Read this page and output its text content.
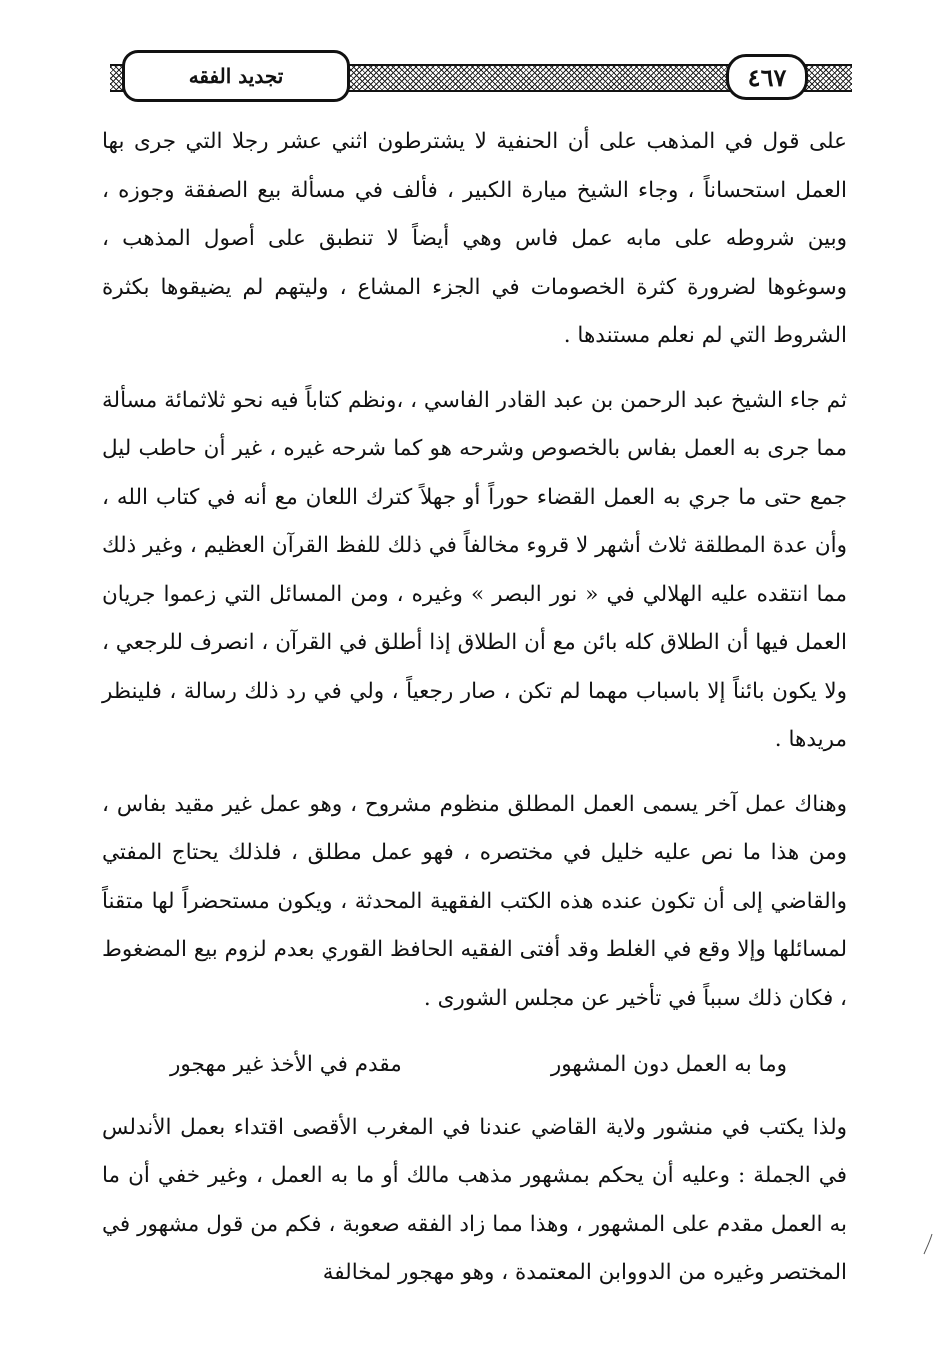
تجديد الفقه	٤٦٧

على قول في المذهب على أن الحنفية لا يشترطون اثني عشر رجلا التي جرى بها العمل استحساناً ، وجاء الشيخ ميارة الكبير ، فألف في مسألة بيع الصفقة وجوزه ، وبين شروطه على مابه عمل فاس وهي أيضاً لا تنطبق على أصول المذهب ، وسوغوها لضرورة كثرة الخصومات في الجزء المشاع ، وليتهم لم يضيقوها بكثرة الشروط التي لم نعلم مستندها .

ثم جاء الشيخ عبد الرحمن بن عبد القادر الفاسي ، ،ونظم كتاباً فيه نحو ثلاثمائة مسألة مما جرى به العمل بفاس بالخصوص وشرحه هو كما شرحه غيره ، غير أن حاطب ليل جمع حتى ما جري به العمل القضاء حوراً أو جهلاً كترك اللعان مع أنه في كتاب الله ، وأن عدة المطلقة ثلاث أشهر لا قروء مخالفاً في ذلك للفظ القرآن العظيم ، وغير ذلك مما انتقده عليه الهلالي في « نور البصر » وغيره ، ومن المسائل التي زعموا جريان العمل فيها أن الطلاق كله بائن مع أن الطلاق إذا أطلق في القرآن ، انصرف للرجعي ، ولا يكون بائناً إلا باسباب مهما لم تكن ، صار رجعياً ، ولي في رد ذلك رسالة ، فلينظر مريدها .

وهناك عمل آخر يسمى العمل المطلق منظوم مشروح ، وهو عمل غير مقيد بفاس ، ومن هذا ما نص عليه خليل في مختصره ، فهو عمل مطلق ، فلذلك يحتاج المفتي والقاضي إلى أن تكون عنده هذه الكتب الفقهية المحدثة ، ويكون مستحضراً لها متقناً لمسائلها وإلا وقع في الغلط وقد أفتى الفقيه الحافظ القوري بعدم لزوم بيع المضغوط ، فكان ذلك سبباً في تأخير عن مجلس الشورى .

وما به العمل دون المشهور
مقدم في الأخذ غير مهجور

ولذا يكتب في منشور ولاية القاضي عندنا في المغرب الأقصى اقتداء بعمل الأندلس في الجملة : وعليه أن يحكم بمشهور مذهب مالك أو ما به العمل ، وغير خفي أن ما به العمل مقدم على المشهور ، وهذا مما زاد الفقه صعوبة ، فكم من قول مشهور في المختصر وغيره من الدووابن المعتمدة ، وهو مهجور لمخالفة
